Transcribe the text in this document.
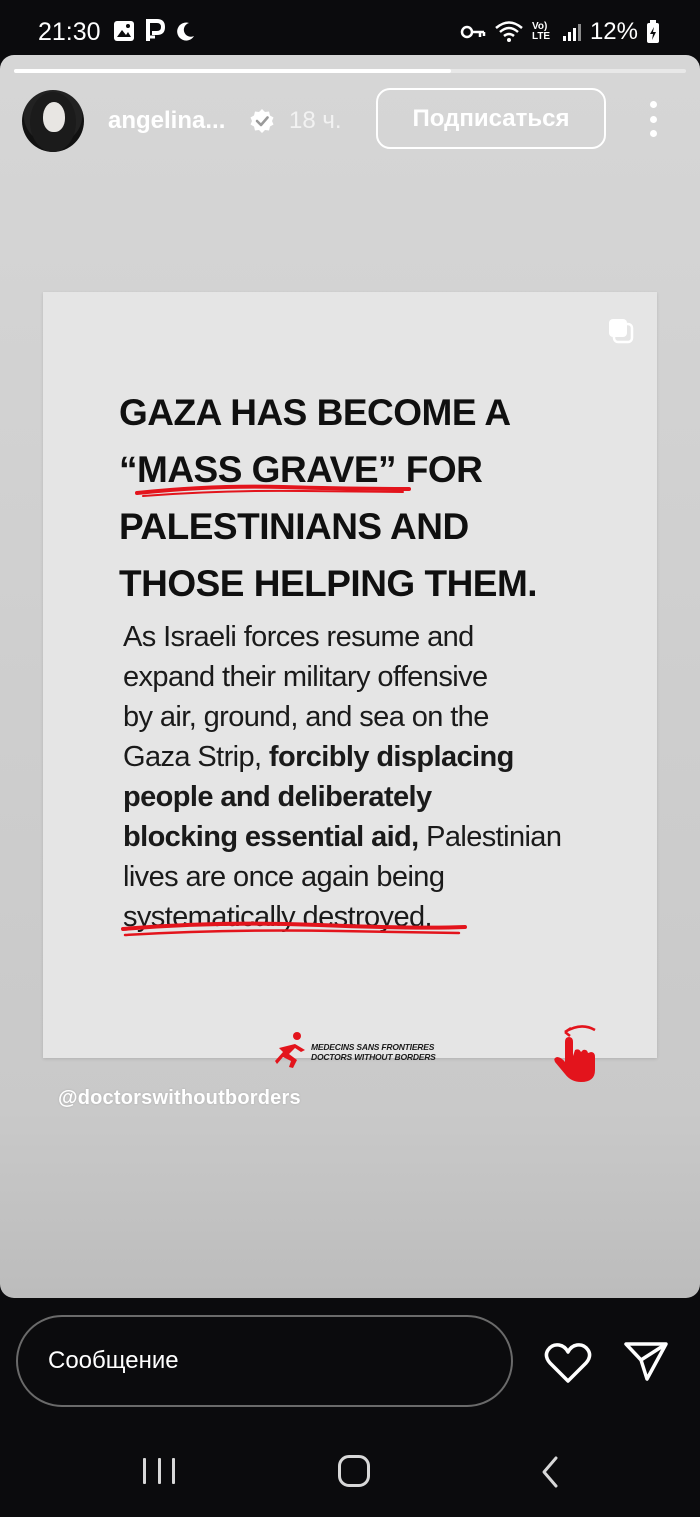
21:30	Vo) LTE 12%
angelina...	18 ч.	Подписаться
GAZA HAS BECOME A
“MASS GRAVE” FOR
PALESTINIANS AND
THOSE HELPING THEM.
As Israeli forces resume and
expand their military offensive
by air, ground, and sea on the
Gaza Strip, forcibly displacing
people and deliberately
blocking essential aid, Palestinian
lives are once again being
systematically destroyed.
MEDECINS SANS FRONTIERES
DOCTORS WITHOUT BORDERS
@doctorswithoutborders
Сообщение
